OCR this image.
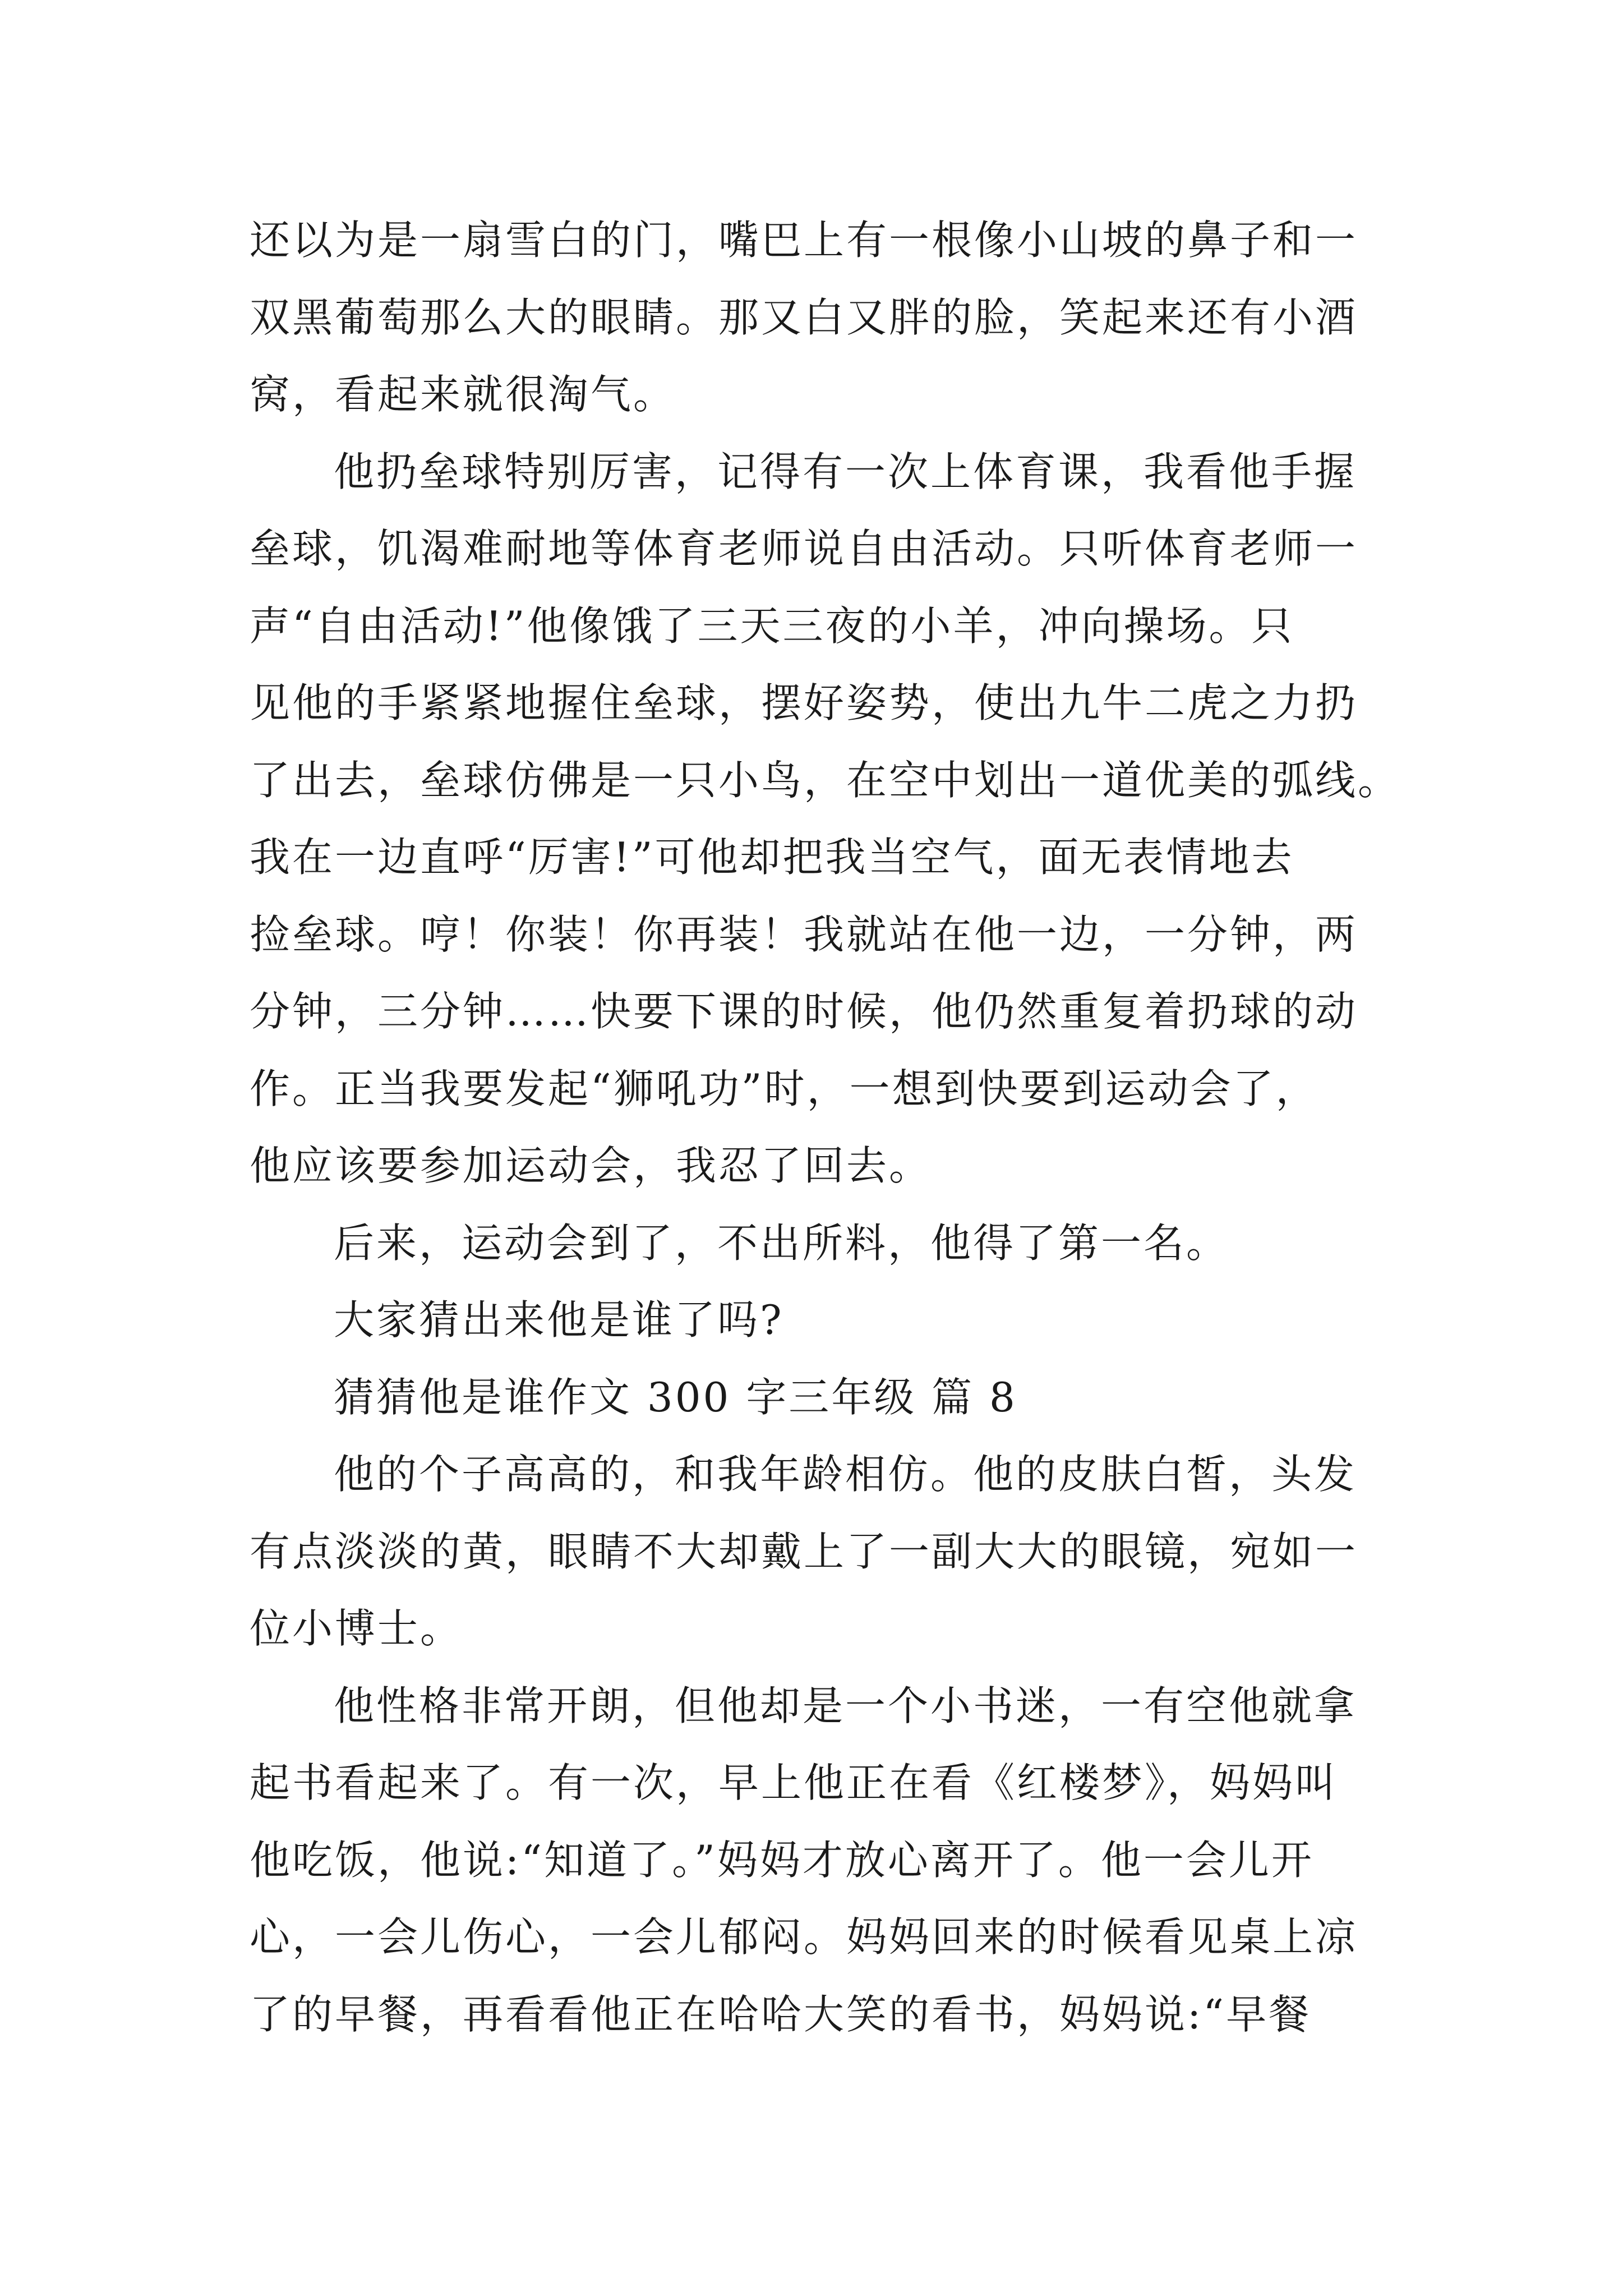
还以为是一扇雪白的门，嘴巴上有一根像小山坡的鼻子和一
双黑葡萄那么大的眼睛。那又白又胖的脸，笑起来还有小酒
窝，看起来就很淘气。
他扔垒球特别厉害，记得有一次上体育课，我看他手握
垒球，饥渴难耐地等体育老师说自由活动。只听体育老师一
声“自由活动!”他像饿了三天三夜的小羊，冲向操场。只
见他的手紧紧地握住垒球，摆好姿势，使出九牛二虎之力扔
了出去，垒球仿佛是一只小鸟，在空中划出一道优美的弧线。
我在一边直呼“厉害!”可他却把我当空气，面无表情地去
捡垒球。哼！你装！你再装！我就站在他一边，一分钟，两
分钟，三分钟……快要下课的时候，他仍然重复着扔球的动
作。正当我要发起“狮吼功”时，一想到快要到运动会了，
他应该要参加运动会，我忍了回去。
后来，运动会到了，不出所料，他得了第一名。
大家猜出来他是谁了吗?
猜猜他是谁作文 300 字三年级 篇 8
他的个子高高的，和我年龄相仿。他的皮肤白皙，头发
有点淡淡的黄，眼睛不大却戴上了一副大大的眼镜，宛如一
位小博士。
他性格非常开朗，但他却是一个小书迷，一有空他就拿
起书看起来了。有一次，早上他正在看《红楼梦》，妈妈叫
他吃饭，他说:“知道了。”妈妈才放心离开了。他一会儿开
心，一会儿伤心，一会儿郁闷。妈妈回来的时候看见桌上凉
了的早餐，再看看他正在哈哈大笑的看书，妈妈说:“早餐
